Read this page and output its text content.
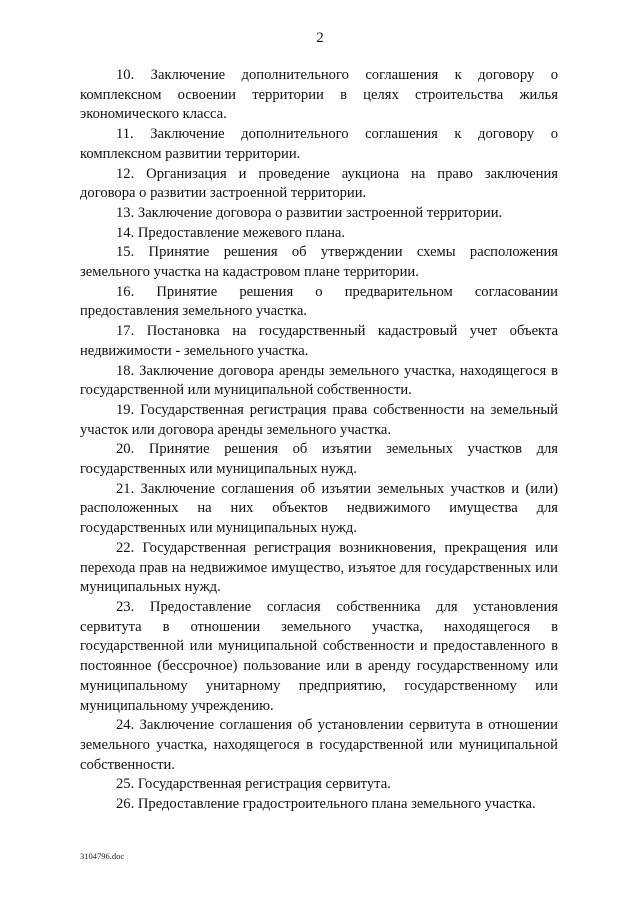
2

10. Заключение дополнительного соглашения к договору о комплексном освоении территории в целях строительства жилья экономического класса.

11. Заключение дополнительного соглашения к договору о комплексном развитии территории.

12. Организация и проведение аукциона на право заключения договора о развитии застроенной территории.

13. Заключение договора о развитии застроенной территории.

14. Предоставление межевого плана.

15. Принятие решения об утверждении схемы расположения земельного участка на кадастровом плане территории.

16. Принятие решения о предварительном согласовании предоставления земельного участка.

17. Постановка на государственный кадастровый учет объекта недвижимости - земельного участка.

18. Заключение договора аренды земельного участка, находящегося в государственной или муниципальной собственности.

19. Государственная регистрация права собственности на земельный участок или договора аренды земельного участка.

20. Принятие решения об изъятии земельных участков для государственных или муниципальных нужд.

21. Заключение соглашения об изъятии земельных участков и (или) расположенных на них объектов недвижимого имущества для государственных или муниципальных нужд.

22. Государственная регистрация возникновения, прекращения или перехода прав на недвижимое имущество, изъятое для государственных или муниципальных нужд.

23. Предоставление согласия собственника для установления сервитута в отношении земельного участка, находящегося в государственной или муниципальной собственности и предоставленного в постоянное (бессрочное) пользование или в аренду государственному или муниципальному унитарному предприятию, государственному или муниципальному учреждению.

24. Заключение соглашения об установлении сервитута в отношении земельного участка, находящегося в государственной или муниципальной собственности.

25. Государственная регистрация сервитута.

26. Предоставление градостроительного плана земельного участка.

3104796.doc
